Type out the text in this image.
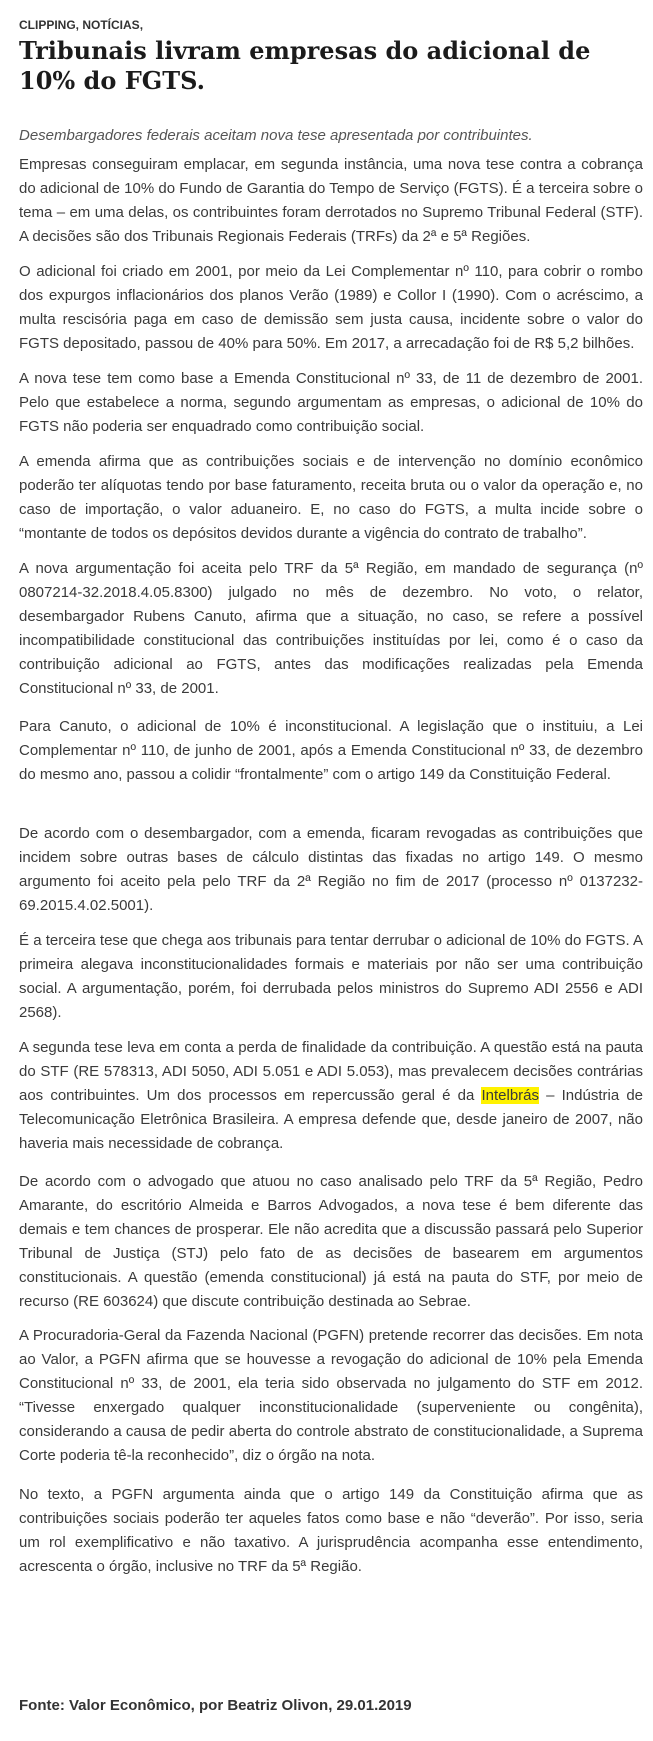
CLIPPING, NOTÍCIAS,
Tribunais livram empresas do adicional de 10% do FGTS.

Desembargadores federais aceitam nova tese apresentada por contribuintes.

Empresas conseguiram emplacar, em segunda instância, uma nova tese contra a cobrança do adicional de 10% do Fundo de Garantia do Tempo de Serviço (FGTS). É a terceira sobre o tema – em uma delas, os contribuintes foram derrotados no Supremo Tribunal Federal (STF). A decisões são dos Tribunais Regionais Federais (TRFs) da 2ª e 5ª Regiões.

O adicional foi criado em 2001, por meio da Lei Complementar nº 110, para cobrir o rombo dos expurgos inflacionários dos planos Verão (1989) e Collor I (1990). Com o acréscimo, a multa rescisória paga em caso de demissão sem justa causa, incidente sobre o valor do FGTS depositado, passou de 40% para 50%. Em 2017, a arrecadação foi de R$ 5,2 bilhões.

A nova tese tem como base a Emenda Constitucional nº 33, de 11 de dezembro de 2001. Pelo que estabelece a norma, segundo argumentam as empresas, o adicional de 10% do FGTS não poderia ser enquadrado como contribuição social.

A emenda afirma que as contribuições sociais e de intervenção no domínio econômico poderão ter alíquotas tendo por base faturamento, receita bruta ou o valor da operação e, no caso de importação, o valor aduaneiro. E, no caso do FGTS, a multa incide sobre o “montante de todos os depósitos devidos durante a vigência do contrato de trabalho”.

A nova argumentação foi aceita pelo TRF da 5ª Região, em mandado de segurança (nº 0807214-32.2018.4.05.8300) julgado no mês de dezembro. No voto, o relator, desembargador Rubens Canuto, afirma que a situação, no caso, se refere a possível incompatibilidade constitucional das contribuições instituídas por lei, como é o caso da contribuição adicional ao FGTS, antes das modificações realizadas pela Emenda Constitucional nº 33, de 2001.

Para Canuto, o adicional de 10% é inconstitucional. A legislação que o instituiu, a Lei Complementar nº 110, de junho de 2001, após a Emenda Constitucional nº 33, de dezembro do mesmo ano, passou a colidir “frontalmente” com o artigo 149 da Constituição Federal.

De acordo com o desembargador, com a emenda, ficaram revogadas as contribuições que incidem sobre outras bases de cálculo distintas das fixadas no artigo 149. O mesmo argumento foi aceito pela pelo TRF da 2ª Região no fim de 2017 (processo nº 0137232-69.2015.4.02.5001).

É a terceira tese que chega aos tribunais para tentar derrubar o adicional de 10% do FGTS. A primeira alegava inconstitucionalidades formais e materiais por não ser uma contribuição social. A argumentação, porém, foi derrubada pelos ministros do Supremo ADI 2556 e ADI 2568).

A segunda tese leva em conta a perda de finalidade da contribuição. A questão está na pauta do STF (RE 578313, ADI 5050, ADI 5.051 e ADI 5.053), mas prevalecem decisões contrárias aos contribuintes. Um dos processos em repercussão geral é da Intelbrás – Indústria de Telecomunicação Eletrônica Brasileira. A empresa defende que, desde janeiro de 2007, não haveria mais necessidade de cobrança.

De acordo com o advogado que atuou no caso analisado pelo TRF da 5ª Região, Pedro Amarante, do escritório Almeida e Barros Advogados, a nova tese é bem diferente das demais e tem chances de prosperar. Ele não acredita que a discussão passará pelo Superior Tribunal de Justiça (STJ) pelo fato de as decisões de basearem em argumentos constitucionais. A questão (emenda constitucional) já está na pauta do STF, por meio de recurso (RE 603624) que discute contribuição destinada ao Sebrae.

A Procuradoria-Geral da Fazenda Nacional (PGFN) pretende recorrer das decisões. Em nota ao Valor, a PGFN afirma que se houvesse a revogação do adicional de 10% pela Emenda Constitucional nº 33, de 2001, ela teria sido observada no julgamento do STF em 2012. “Tivesse enxergado qualquer inconstitucionalidade (superveniente ou congênita), considerando a causa de pedir aberta do controle abstrato de constitucionalidade, a Suprema Corte poderia tê-la reconhecido”, diz o órgão na nota.

No texto, a PGFN argumenta ainda que o artigo 149 da Constituição afirma que as contribuições sociais poderão ter aqueles fatos como base e não “deverão”. Por isso, seria um rol exemplificativo e não taxativo. A jurisprudência acompanha esse entendimento, acrescenta o órgão, inclusive no TRF da 5ª Região.

Fonte: Valor Econômico, por Beatriz Olivon, 29.01.2019
